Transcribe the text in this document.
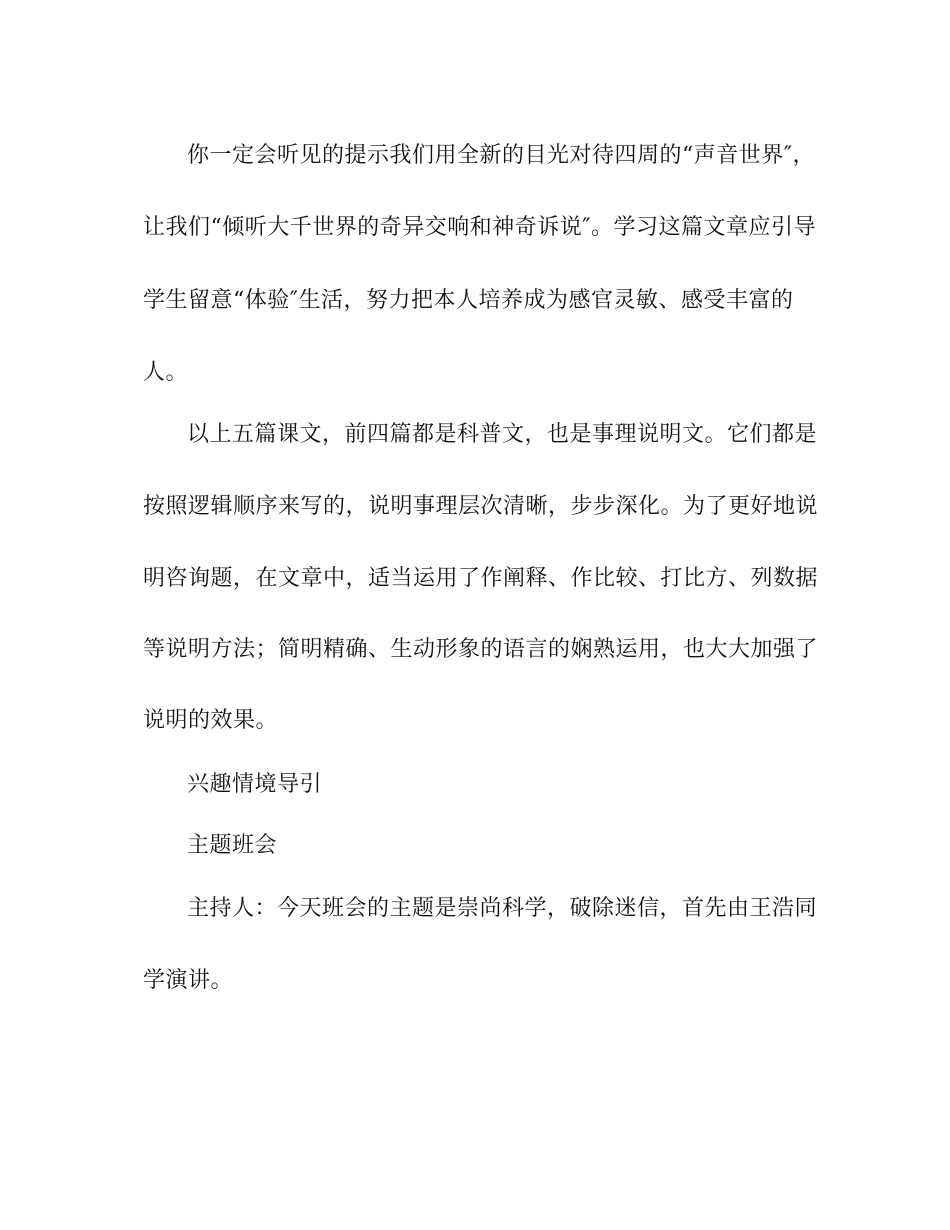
你一定会听见的提示我们用全新的目光对待四周的“声音世界″，
让我们“倾听大千世界的奇异交响和神奇诉说″。学习这篇文章应引导
学生留意“体验″生活，努力把本人培养成为感官灵敏、感受丰富的
人。
以上五篇课文，前四篇都是科普文，也是事理说明文。它们都是
按照逻辑顺序来写的，说明事理层次清晰，步步深化。为了更好地说
明咨询题，在文章中，适当运用了作阐释、作比较、打比方、列数据
等说明方法；简明精确、生动形象的语言的娴熟运用，也大大加强了
说明的效果。
兴趣情境导引
主题班会
主持人：今天班会的主题是崇尚科学，破除迷信，首先由王浩同
学演讲。
